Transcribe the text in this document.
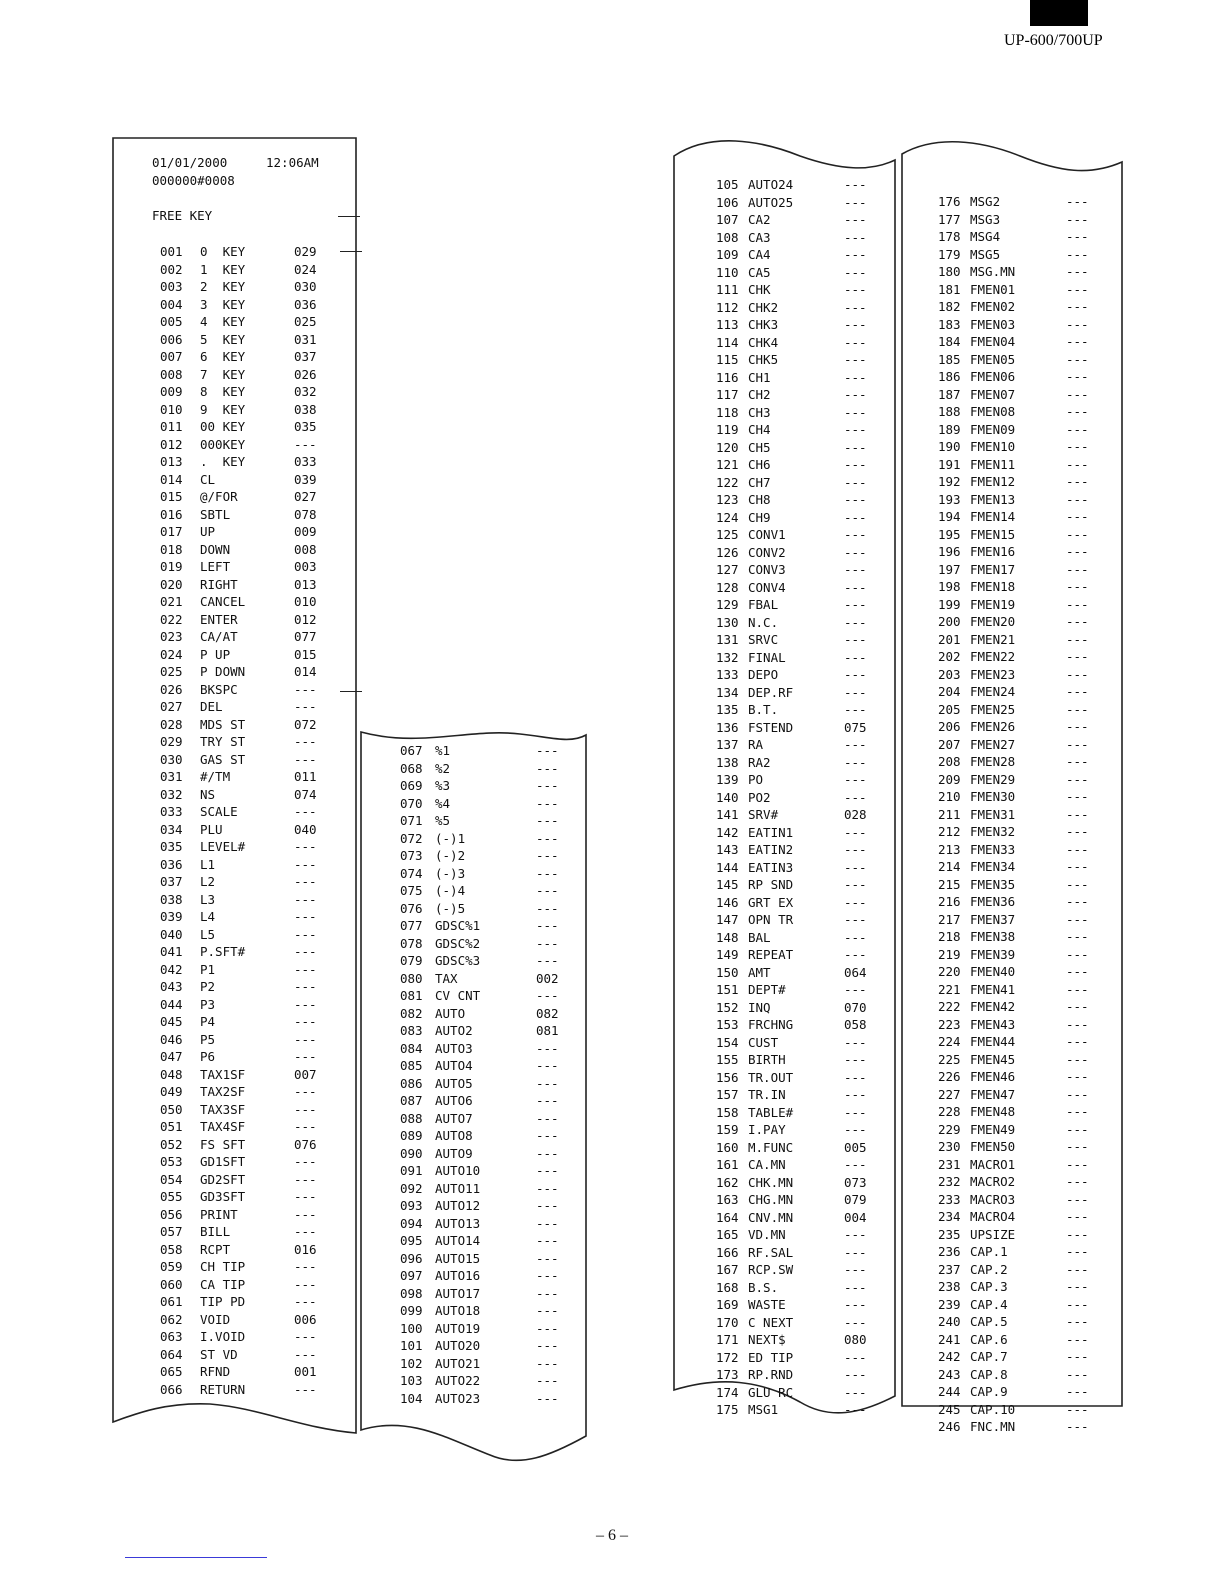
UP-600/700UP
01/01/2000	12:06AM
000000#0008
FREE KEY
001 0  KEY	029
002 1  KEY	024
003 2  KEY	030
004 3  KEY	036
005 4  KEY	025
006 5  KEY	031
007 6  KEY	037
008 7  KEY	026
009 8  KEY	032
010 9  KEY	038
011 00 KEY	035
012 000KEY	---
013 .  KEY	033
014 CL	039
015 @/FOR	027
016 SBTL	078
017 UP	009
018 DOWN	008
019 LEFT	003
020 RIGHT	013
021 CANCEL	010
022 ENTER	012
023 CA/AT	077
024 P UP	015
025 P DOWN	014
026 BKSPC	---
027 DEL	---
028 MDS ST	072
029 TRY ST	---
030 GAS ST	---
031 #/TM	011
032 NS	074
033 SCALE	---
034 PLU	040
035 LEVEL#	---
036 L1	---
037 L2	---
038 L3	---
039 L4	---
040 L5	---
041 P.SFT#	---
042 P1	---
043 P2	---
044 P3	---
045 P4	---
046 P5	---
047 P6	---
048 TAX1SF	007
049 TAX2SF	---
050 TAX3SF	---
051 TAX4SF	---
052 FS SFT	076
053 GD1SFT	---
054 GD2SFT	---
055 GD3SFT	---
056 PRINT	---
057 BILL	---
058 RCPT	016
059 CH TIP	---
060 CA TIP	---
061 TIP PD	---
062 VOID	006
063 I.VOID	---
064 ST VD	---
065 RFND	001
066 RETURN	---
067 %1	---
068 %2	---
069 %3	---
070 %4	---
071 %5	---
072 (-)1	---
073 (-)2	---
074 (-)3	---
075 (-)4	---
076 (-)5	---
077 GDSC%1	---
078 GDSC%2	---
079 GDSC%3	---
080 TAX	002
081 CV CNT	---
082 AUTO	082
083 AUTO2	081
084 AUTO3	---
085 AUTO4	---
086 AUTO5	---
087 AUTO6	---
088 AUTO7	---
089 AUTO8	---
090 AUTO9	---
091 AUTO10	---
092 AUTO11	---
093 AUTO12	---
094 AUTO13	---
095 AUTO14	---
096 AUTO15	---
097 AUTO16	---
098 AUTO17	---
099 AUTO18	---
100 AUTO19	---
101 AUTO20	---
102 AUTO21	---
103 AUTO22	---
104 AUTO23	---
105 AUTO24	---
106 AUTO25	---
107 CA2	---
108 CA3	---
109 CA4	---
110 CA5	---
111 CHK	---
112 CHK2	---
113 CHK3	---
114 CHK4	---
115 CHK5	---
116 CH1	---
117 CH2	---
118 CH3	---
119 CH4	---
120 CH5	---
121 CH6	---
122 CH7	---
123 CH8	---
124 CH9	---
125 CONV1	---
126 CONV2	---
127 CONV3	---
128 CONV4	---
129 FBAL	---
130 N.C.	---
131 SRVC	---
132 FINAL	---
133 DEPO	---
134 DEP.RF	---
135 B.T.	---
136 FSTEND	075
137 RA	---
138 RA2	---
139 PO	---
140 PO2	---
141 SRV#	028
142 EATIN1	---
143 EATIN2	---
144 EATIN3	---
145 RP SND	---
146 GRT EX	---
147 OPN TR	---
148 BAL	---
149 REPEAT	---
150 AMT	064
151 DEPT#	---
152 INQ	070
153 FRCHNG	058
154 CUST	---
155 BIRTH	---
156 TR.OUT	---
157 TR.IN	---
158 TABLE#	---
159 I.PAY	---
160 M.FUNC	005
161 CA.MN	---
162 CHK.MN	073
163 CHG.MN	079
164 CNV.MN	004
165 VD.MN	---
166 RF.SAL	---
167 RCP.SW	---
168 B.S.	---
169 WASTE	---
170 C NEXT	---
171 NEXT$	080
172 ED TIP	---
173 RP.RND	---
174 GLU RC	---
175 MSG1	---
176 MSG2	---
177 MSG3	---
178 MSG4	---
179 MSG5	---
180 MSG.MN	---
181 FMEN01	---
182 FMEN02	---
183 FMEN03	---
184 FMEN04	---
185 FMEN05	---
186 FMEN06	---
187 FMEN07	---
188 FMEN08	---
189 FMEN09	---
190 FMEN10	---
191 FMEN11	---
192 FMEN12	---
193 FMEN13	---
194 FMEN14	---
195 FMEN15	---
196 FMEN16	---
197 FMEN17	---
198 FMEN18	---
199 FMEN19	---
200 FMEN20	---
201 FMEN21	---
202 FMEN22	---
203 FMEN23	---
204 FMEN24	---
205 FMEN25	---
206 FMEN26	---
207 FMEN27	---
208 FMEN28	---
209 FMEN29	---
210 FMEN30	---
211 FMEN31	---
212 FMEN32	---
213 FMEN33	---
214 FMEN34	---
215 FMEN35	---
216 FMEN36	---
217 FMEN37	---
218 FMEN38	---
219 FMEN39	---
220 FMEN40	---
221 FMEN41	---
222 FMEN42	---
223 FMEN43	---
224 FMEN44	---
225 FMEN45	---
226 FMEN46	---
227 FMEN47	---
228 FMEN48	---
229 FMEN49	---
230 FMEN50	---
231 MACRO1	---
232 MACRO2	---
233 MACRO3	---
234 MACRO4	---
235 UPSIZE	---
236 CAP.1	---
237 CAP.2	---
238 CAP.3	---
239 CAP.4	---
240 CAP.5	---
241 CAP.6	---
242 CAP.7	---
243 CAP.8	---
244 CAP.9	---
245 CAP.10	---
246 FNC.MN	---
– 6 –
